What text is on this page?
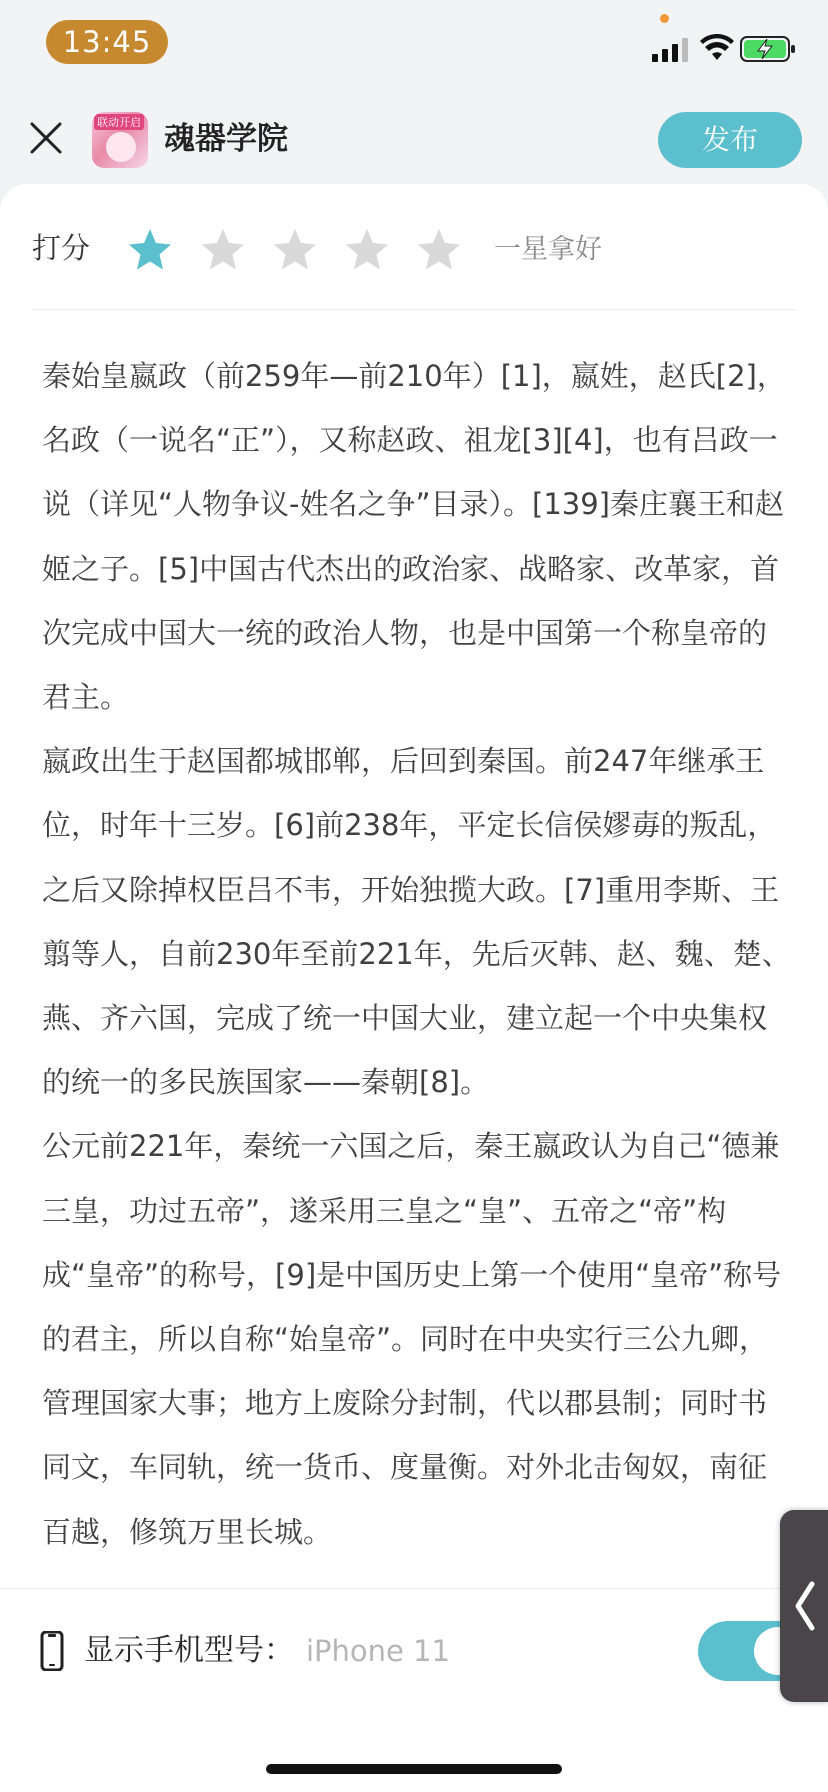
13:45
联动开启 魂器学院	发布
打分	一星拿好

秦始皇嬴政（前259年—前210年）[1]，嬴姓，赵氏[2]，名政（一说名“正”），又称赵政、祖龙[3][4]，也有吕政一说（详见“人物争议-姓名之争”目录）。[139]秦庄襄王和赵姬之子。[5]中国古代杰出的政治家、战略家、改革家，首次完成中国大一统的政治人物，也是中国第一个称皇帝的君主。

嬴政出生于赵国都城邯郸，后回到秦国。前247年继承王位，时年十三岁。[6]前238年，平定长信侯嫪毐的叛乱，之后又除掉权臣吕不韦，开始独揽大政。[7]重用李斯、王翦等人，自前230年至前221年，先后灭韩、赵、魏、楚、燕、齐六国，完成了统一中国大业，建立起一个中央集权的统一的多民族国家——秦朝[8]。

公元前221年，秦统一六国之后，秦王嬴政认为自己“德兼三皇，功过五帝”，遂采用三皇之“皇”、五帝之“帝”构成“皇帝”的称号，[9]是中国历史上第一个使用“皇帝”称号的君主，所以自称“始皇帝”。同时在中央实行三公九卿，管理国家大事；地方上废除分封制，代以郡县制；同时书同文，车同轨，统一货币、度量衡。对外北击匈奴，南征百越，修筑万里长城。

显示手机型号： iPhone 11
